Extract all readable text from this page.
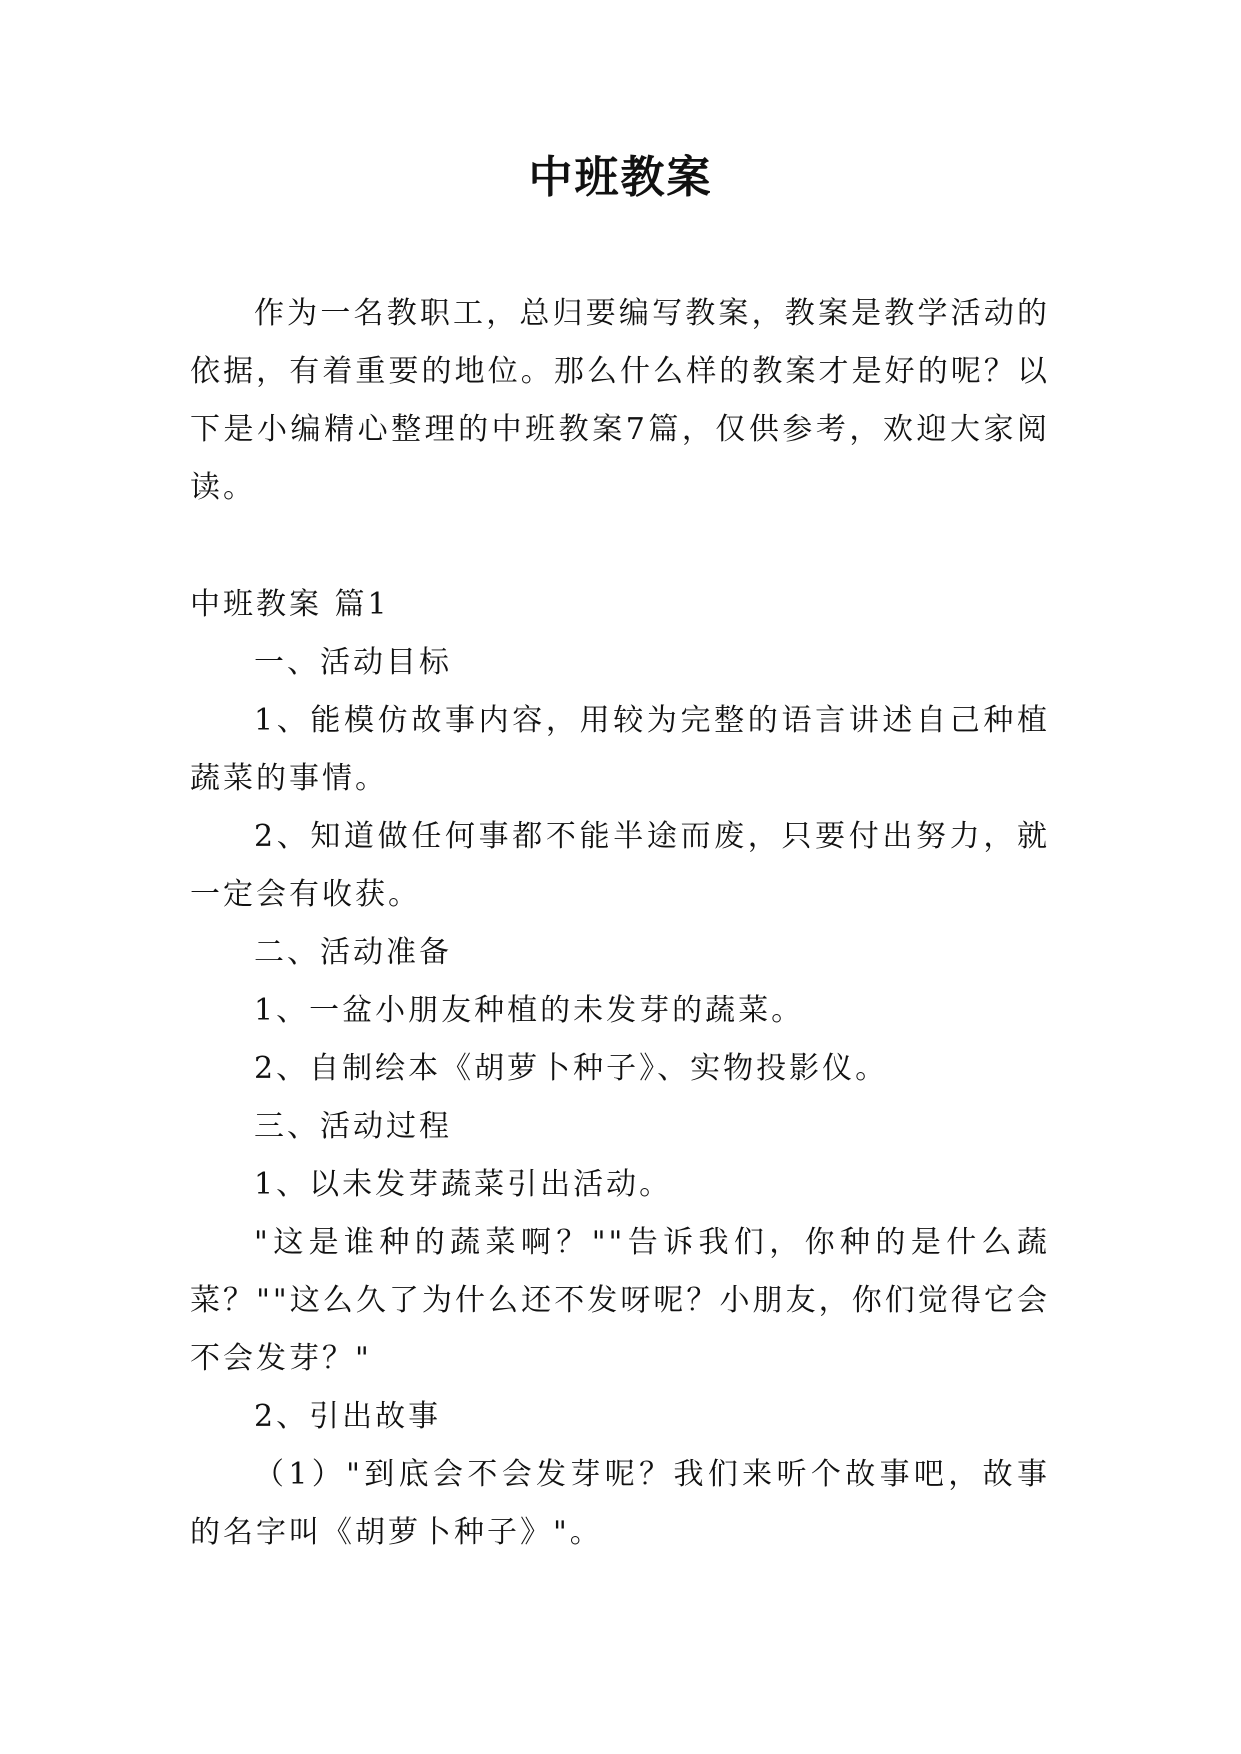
中班教案

作为一名教职工，总归要编写教案，教案是教学活动的依据，有着重要的地位。那么什么样的教案才是好的呢？以下是小编精心整理的中班教案7篇，仅供参考，欢迎大家阅读。

中班教案 篇1

一、活动目标

1、能模仿故事内容，用较为完整的语言讲述自己种植蔬菜的事情。

2、知道做任何事都不能半途而废，只要付出努力，就一定会有收获。

二、活动准备

1、一盆小朋友种植的未发芽的蔬菜。

2、自制绘本《胡萝卜种子》、实物投影仪。

三、活动过程

1、以未发芽蔬菜引出活动。

"这是谁种的蔬菜啊？""告诉我们，你种的是什么蔬菜？""这么久了为什么还不发呀呢？小朋友，你们觉得它会不会发芽？"

2、引出故事

（1）"到底会不会发芽呢？我们来听个故事吧，故事的名字叫《胡萝卜种子》"。
